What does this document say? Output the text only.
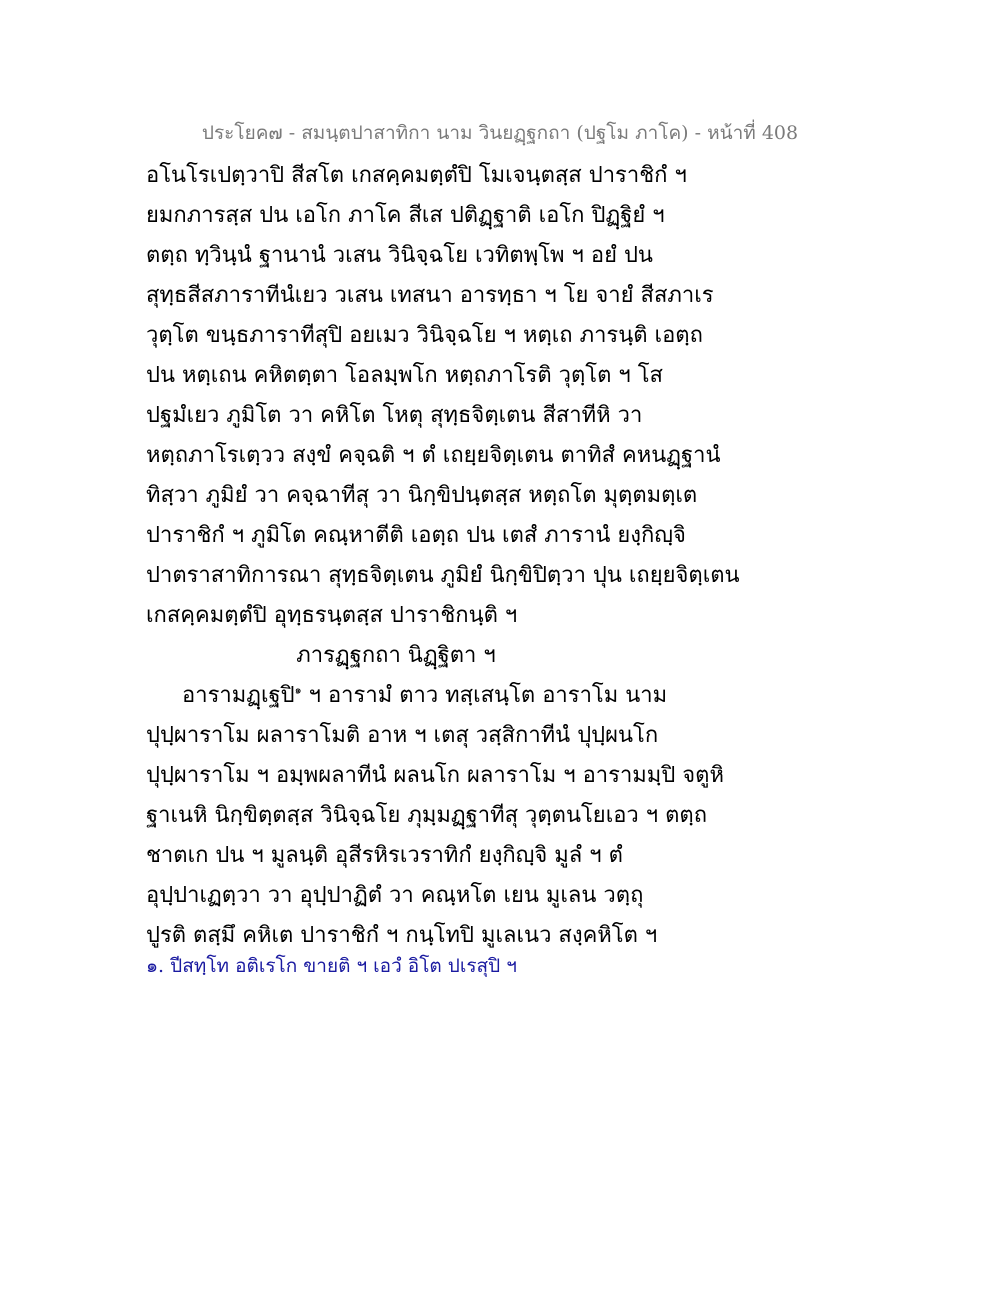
ประโยค๗ - สมนฺตปาสาทิกา นาม วินยฏฺฐกถา (ปฐโม ภาโค) - หน้าที่ 408
อโนโรเปตฺวาปิ สีสโต เกสคฺคมตฺตํปิ โมเจนฺตสฺส ปาราชิกํ ฯ
ยมกภารสฺส ปน เอโก ภาโค สีเส ปติฏฺฐาติ เอโก ปิฏฺฐิยํ ฯ
ตตฺถ ทฺวินฺนํ ฐานานํ วเสน วินิจฺฉโย เวทิตพฺโพ ฯ อยํ ปน
สุทฺธสีสภาราทีนํเยว วเสน เทสนา อารทฺธา ฯ โย จายํ สีสภาเร
วุตฺโต ขนฺธภาราทีสุปิ อยเมว วินิจฺฉโย ฯ หตฺเถ ภารนฺติ เอตฺถ
ปน หตฺเถน คหิตตฺตา โอลมฺพโก หตฺถภาโรติ วุตฺโต ฯ โส
ปฐมํเยว ภูมิโต วา คหิโต โหตุ สุทฺธจิตฺเตน สีสาทีหิ วา
หตฺถภาโรเตฺวว สงฺขํ คจฺฉติ ฯ ตํ เถยฺยจิตฺเตน ตาทิสํ คหนฏฺฐานํ
ทิสฺวา ภูมิยํ วา คจฺฉาทีสุ วา นิกฺขิปนฺตสฺส หตฺถโต มุตฺตมตฺเต
ปาราชิกํ ฯ ภูมิโต คณฺหาตีติ เอตฺถ ปน เตสํ ภารานํ ยงฺกิญฺจิ
ปาตราสาทิการณา สุทฺธจิตฺเตน ภูมิยํ นิกฺขิปิตฺวา ปุน เถยฺยจิตฺเตน
เกสคฺคมตฺตํปิ อุทฺธรนฺตสฺส ปาราชิกนฺติ ฯ
ภารฏฺฐกถา นิฏฺฐิตา ฯ
อารามฏฺเฐปิ$^๑$ ฯ อารามํ ตาว ทสฺเสนฺโต อาราโม นาม
ปุปฺผาราโม ผลาราโมติ อาห ฯ เตสุ วสฺสิกาทีนํ ปุปฺผนโก
ปุปฺผาราโม ฯ อมฺพผลาทีนํ ผลนโก ผลาราโม ฯ อารามมฺปิ จตูหิ
ฐาเนหิ นิกฺขิตฺตสฺส วินิจฺฉโย ภุมฺมฏฺฐาทีสุ วุตฺตนโยเอว ฯ ตตฺถ
ชาตเก ปน ฯ มูลนฺติ อุสีรหิรเวราทิกํ ยงฺกิญฺจิ มูลํ ฯ ตํ
อุปฺปาเฏตฺวา วา อุปฺปาฏิตํ วา คณฺหโต เยน มูเลน วตฺถุ
ปูรติ ตสฺมึ คหิเต ปาราชิกํ ฯ กนฺโทปิ มูเลเนว สงฺคหิโต ฯ
๑. ปีสทฺโท อติเรโก ขายติ ฯ เอวํ อิโต ปเรสุปิ ฯ
